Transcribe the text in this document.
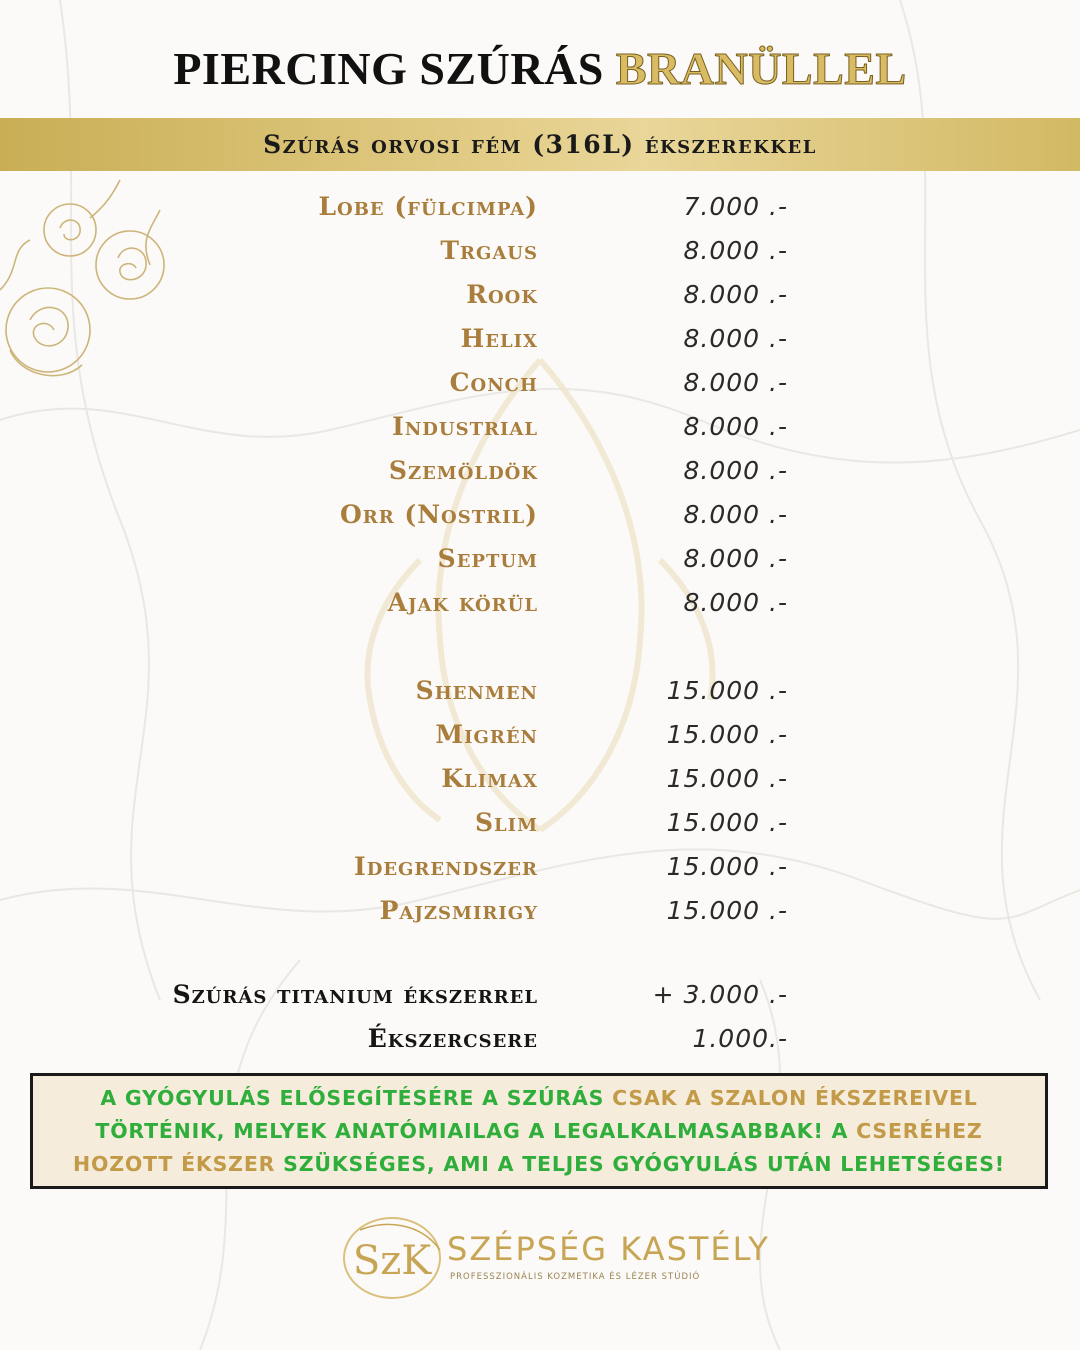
PIERCING SZÚRÁS BRANÜLLEL
Szúrás orvosi fém (316L) ékszerekkel
Lobe (fülcimpa)	7.000 .-
Trgaus	8.000 .-
Rook	8.000 .-
Helix	8.000 .-
Conch	8.000 .-
Industrial	8.000 .-
Szemöldök	8.000 .-
Orr (Nostril)	8.000 .-
Septum	8.000 .-
Ajak körül	8.000 .-
Shenmen	15.000 .-
Migrén	15.000 .-
Klimax	15.000 .-
Slim	15.000 .-
Idegrendszer	15.000 .-
Pajzsmirigy	15.000 .-
Szúrás titanium ékszerrel	+ 3.000 .-
Ékszercsere	1.000.-

A GYÓGYULÁS ELŐSEGÍTÉSÉRE A SZÚRÁS CSAK A SZALON ÉKSZEREIVEL TÖRTÉNIK, MELYEK ANATÓMIAILAG A LEGALKALMASABBAK! A CSERÉHEZ HOZOTT ÉKSZER SZÜKSÉGES, AMI A TELJES GYÓGYULÁS UTÁN LEHETSÉGES!

SzK SZÉPSÉG KASTÉLY
PROFESSZIONÁLIS KOZMETIKA ÉS LÉZER STÚDIÓ
